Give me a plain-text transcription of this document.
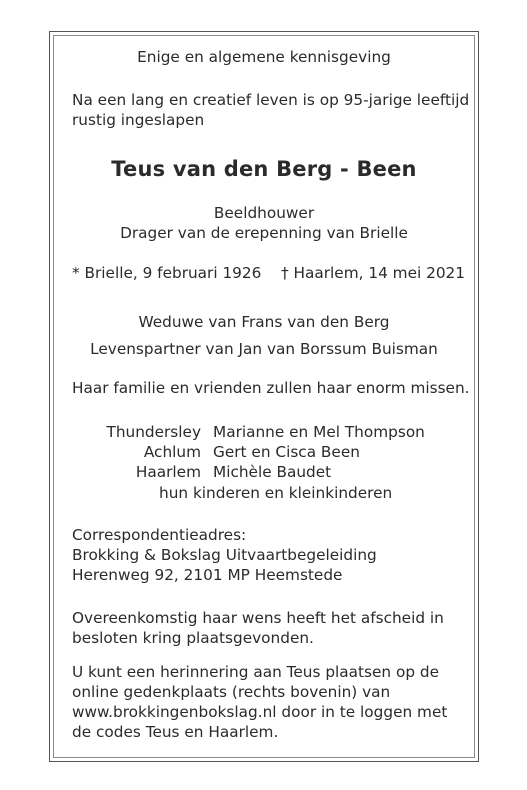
Enige en algemene kennisgeving
Na een lang en creatief leven is op 95-jarige leeftijd
rustig ingeslapen
Teus van den Berg - Been
Beeldhouwer
Drager van de erepenning van Brielle
* Brielle, 9 februari 1926 † Haarlem, 14 mei 2021
Weduwe van Frans van den Berg
Levenspartner van Jan van Borssum Buisman
Haar familie en vrienden zullen haar enorm missen.
Thundersley Marianne en Mel Thompson
Achlum Gert en Cisca Been
Haarlem Michèle Baudet
hun kinderen en kleinkinderen
Correspondentieadres:
Brokking & Bokslag Uitvaartbegeleiding
Herenweg 92, 2101 MP Heemstede
Overeenkomstig haar wens heeft het afscheid in
besloten kring plaatsgevonden.
U kunt een herinnering aan Teus plaatsen op de
online gedenkplaats (rechts bovenin) van
www.brokkingenbokslag.nl door in te loggen met
de codes Teus en Haarlem.
